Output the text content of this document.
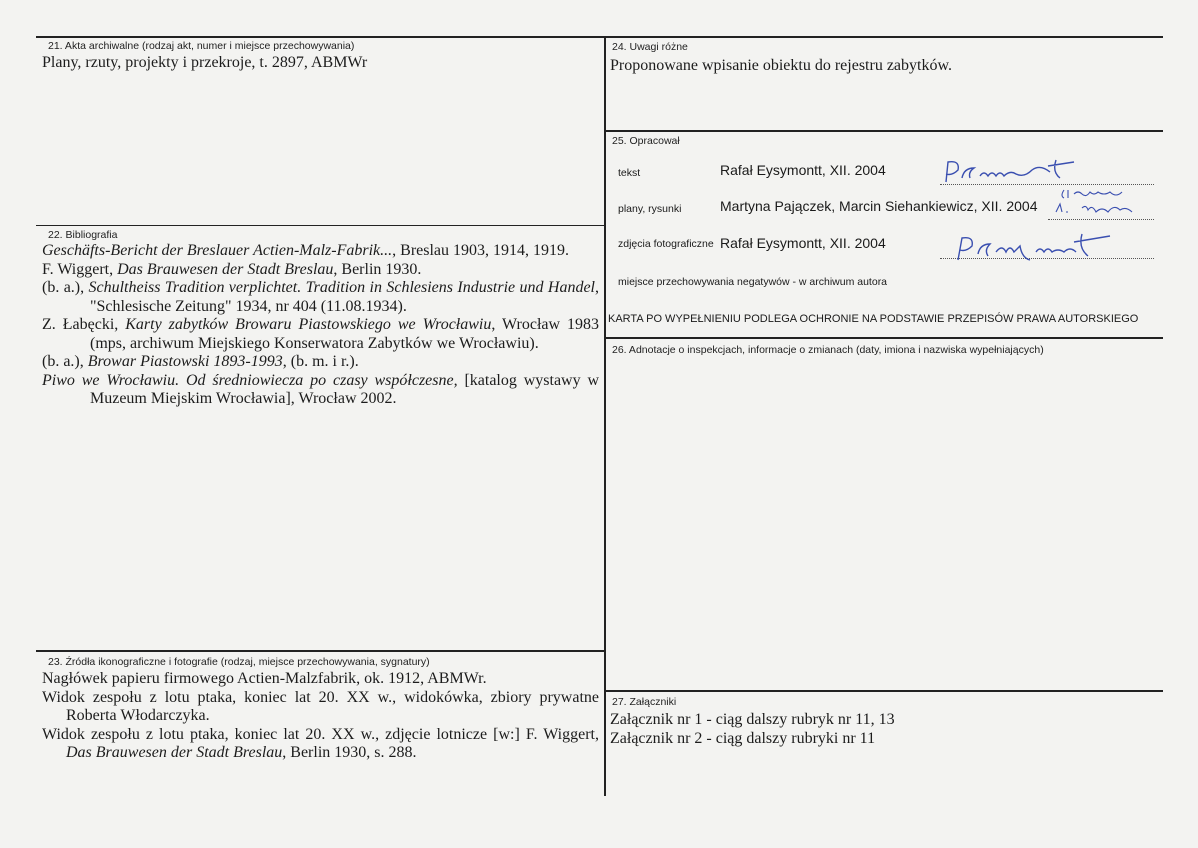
21. Akta archiwalne (rodzaj akt, numer i miejsce przechowywania)
Plany, rzuty, projekty i przekroje, t. 2897, ABMWr
22. Bibliografia

Geschäfts-Bericht der Breslauer Actien-Malz-Fabrik..., Breslau 1903, 1914, 1919.

F. Wiggert, Das Brauwesen der Stadt Breslau, Berlin 1930.

(b. a.), Schultheiss Tradition verplichtet. Tradition in Schlesiens Industrie und Handel, "Schlesische Zeitung" 1934, nr 404 (11.08.1934).

Z. Łabęcki, Karty zabytków Browaru Piastowskiego we Wrocławiu, Wrocław 1983 (mps, archiwum Miejskiego Konserwatora Zabytków we Wrocławiu).

(b. a.), Browar Piastowski 1893-1993, (b. m. i r.).

Piwo we Wrocławiu. Od średniowiecza po czasy współczesne, [katalog wystawy w Muzeum Miejskim Wrocławia], Wrocław 2002.

23. Źródła ikonograficzne i fotografie (rodzaj, miejsce przechowywania, sygnatury)

Nagłówek papieru firmowego Actien-Malzfabrik, ok. 1912, ABMWr.

Widok zespołu z lotu ptaka, koniec lat 20. XX w., widokówka, zbiory prywatne Roberta Włodarczyka.

Widok zespołu z lotu ptaka, koniec lat 20. XX w., zdjęcie lotnicze [w:] F. Wiggert, Das Brauwesen der Stadt Breslau, Berlin 1930, s. 288.

24. Uwagi różne
Proponowane wpisanie obiektu do rejestru zabytków.
25. Opracował
tekst	Rafał Eysymontt, XII. 2004
plany, rysunki	Martyna Pajączek, Marcin Siehankiewicz, XII. 2004
zdjęcia fotograficzne Rafał Eysymontt, XII. 2004
miejsce przechowywania negatywów - w archiwum autora
KARTA PO WYPEŁNIENIU PODLEGA OCHRONIE NA PODSTAWIE PRZEPISÓW PRAWA AUTORSKIEGO
26. Adnotacje o inspekcjach, informacje o zmianach (daty, imiona i nazwiska wypełniających)
27. Załączniki

Załącznik nr 1 - ciąg dalszy rubryk nr 11, 13

Załącznik nr 2 - ciąg dalszy rubryki nr 11
